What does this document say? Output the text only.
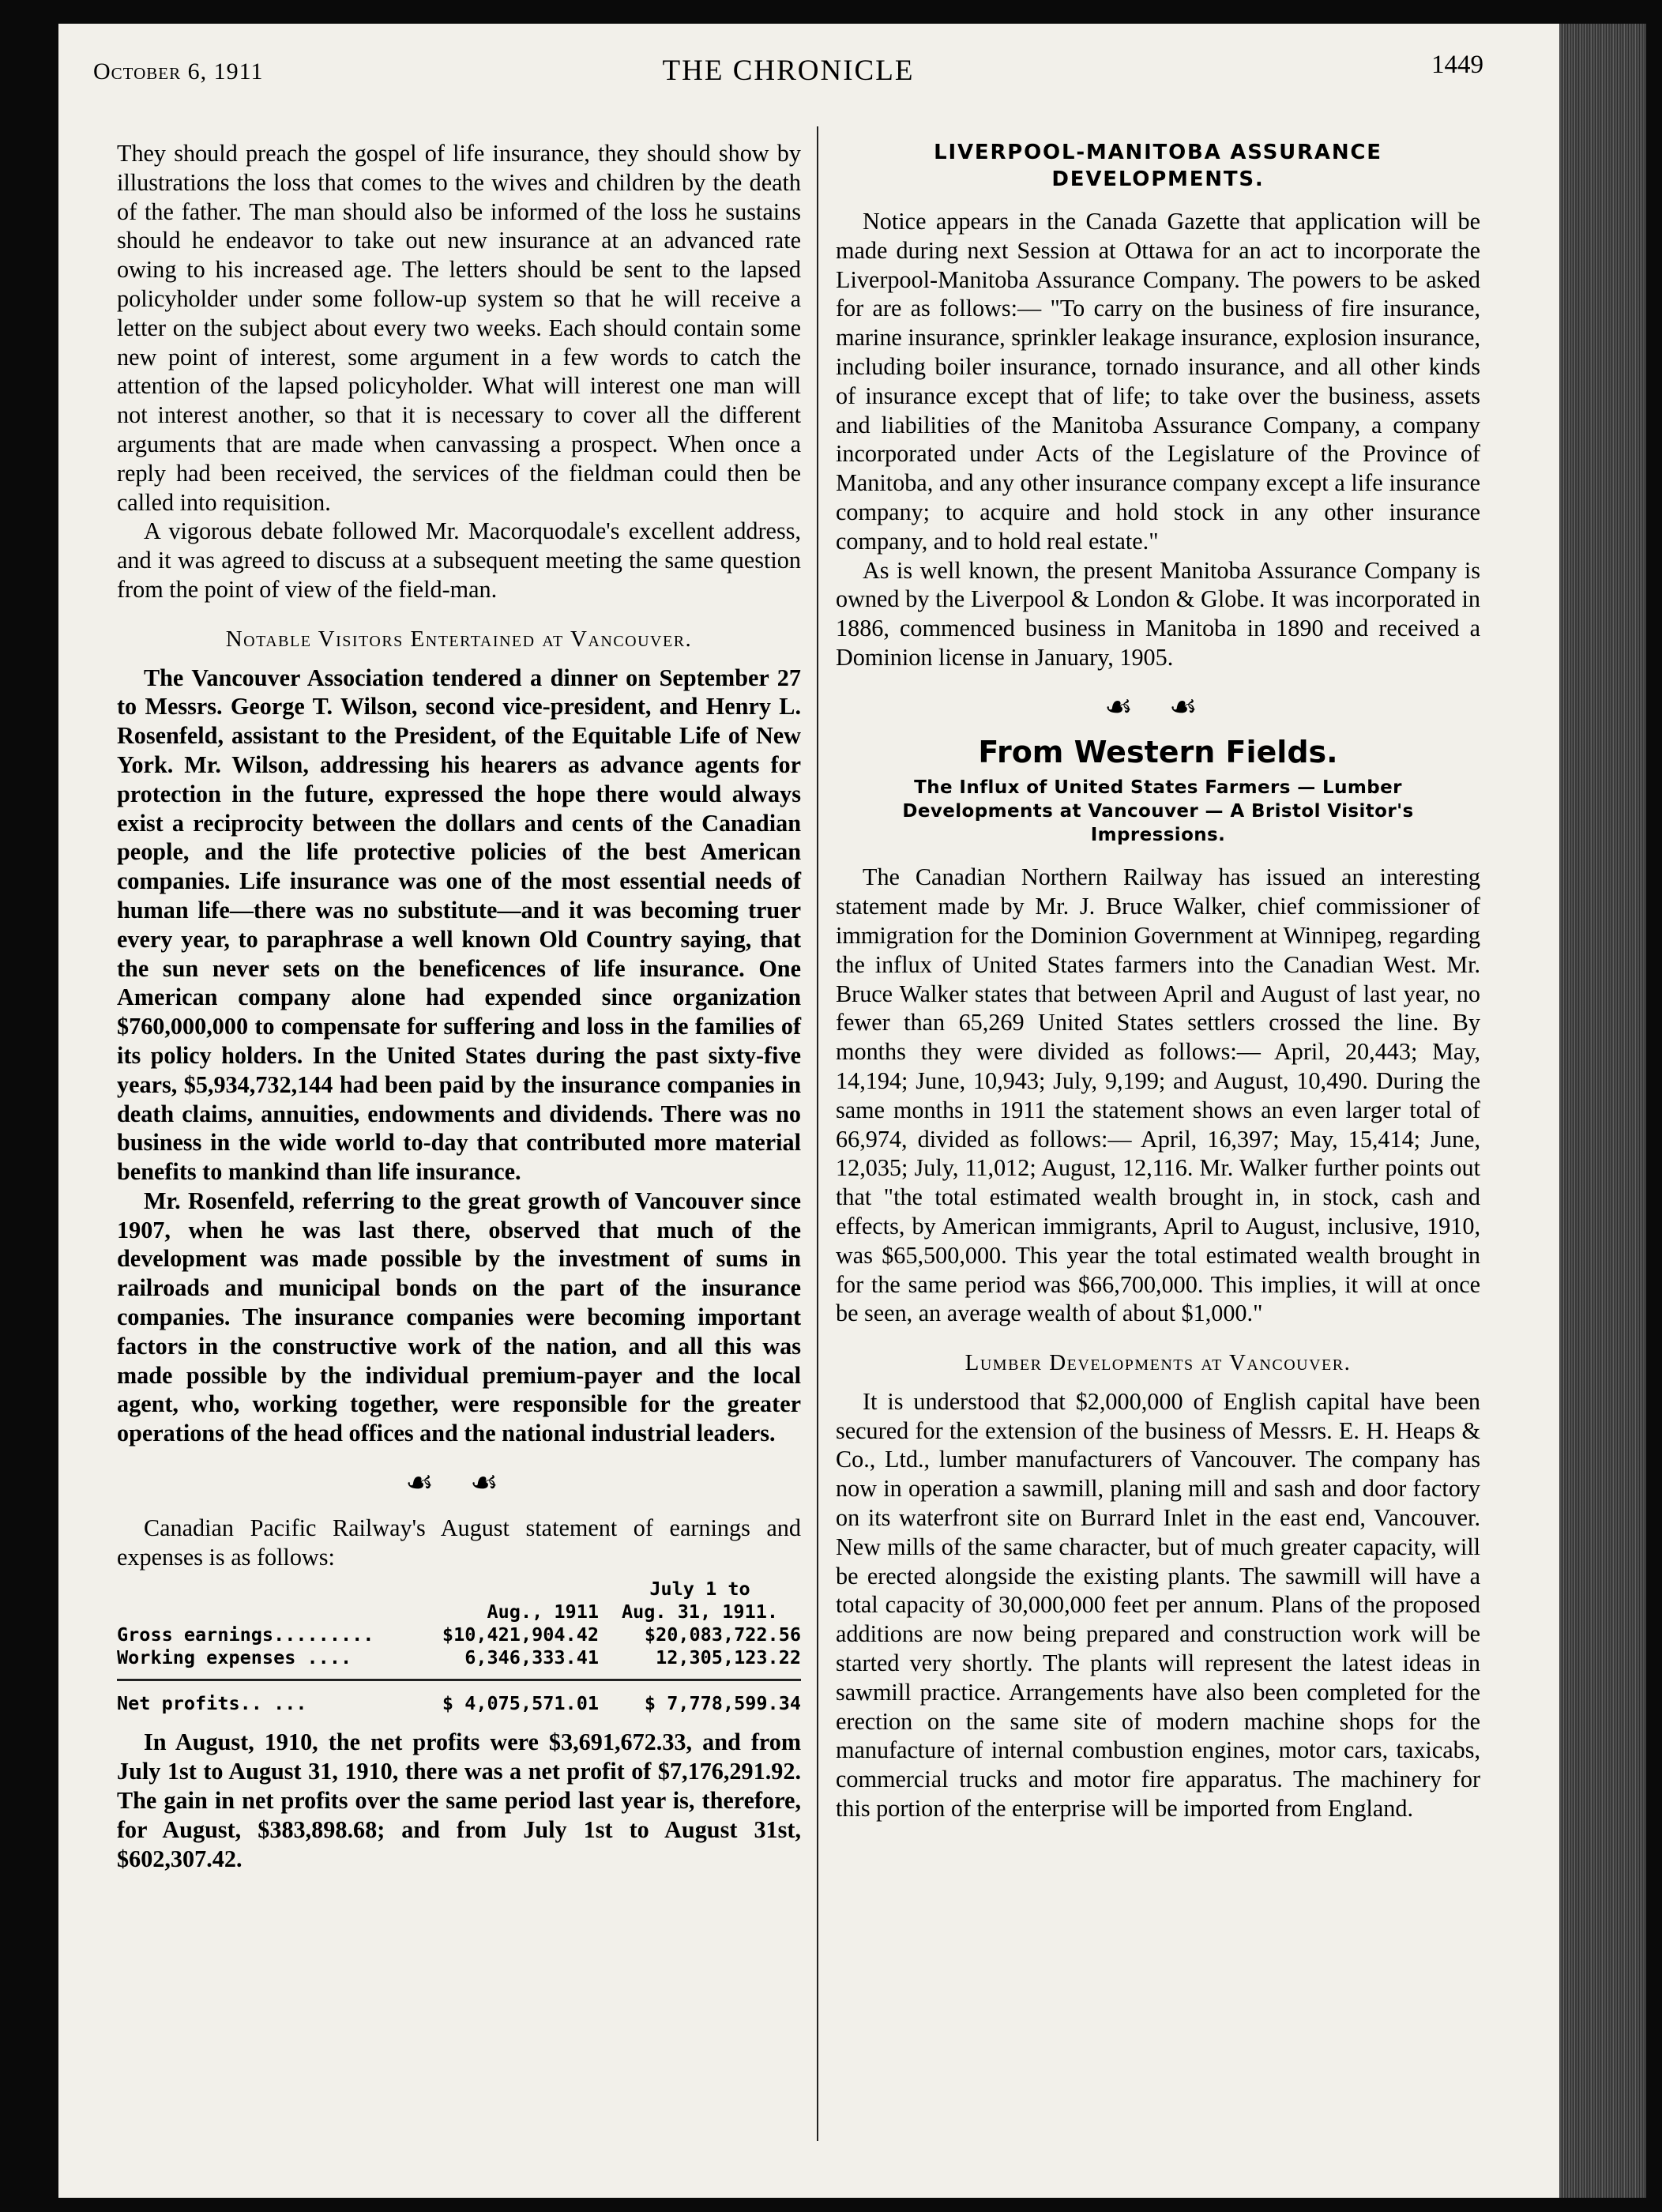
October 6, 1911	THE CHRONICLE	1449

They should preach the gospel of life insurance, they should show by illustrations the loss that comes to the wives and children by the death of the father. The man should also be informed of the loss he sustains should he endeavor to take out new insurance at an advanced rate owing to his increased age. The letters should be sent to the lapsed policyholder under some follow-up system so that he will receive a letter on the subject about every two weeks. Each should contain some new point of interest, some argument in a few words to catch the attention of the lapsed policyholder. What will interest one man will not interest another, so that it is necessary to cover all the different arguments that are made when canvassing a prospect. When once a reply had been received, the services of the fieldman could then be called into requisition.

A vigorous debate followed Mr. Macorquodale's excellent address, and it was agreed to discuss at a subsequent meeting the same question from the point of view of the field-man.

Notable Visitors Entertained at Vancouver.

The Vancouver Association tendered a dinner on September 27 to Messrs. George T. Wilson, second vice-president, and Henry L. Rosenfeld, assistant to the President, of the Equitable Life of New York. Mr. Wilson, addressing his hearers as advance agents for protection in the future, expressed the hope there would always exist a reciprocity between the dollars and cents of the Canadian people, and the life protective policies of the best American companies. Life insurance was one of the most essential needs of human life—there was no substitute—and it was becoming truer every year, to paraphrase a well known Old Country saying, that the sun never sets on the beneficences of life insurance. One American company alone had expended since organization $760,000,000 to compensate for suffering and loss in the families of its policy holders. In the United States during the past sixty-five years, $5,934,732,144 had been paid by the insurance companies in death claims, annuities, endowments and dividends. There was no business in the wide world to-day that contributed more material benefits to mankind than life insurance.

Mr. Rosenfeld, referring to the great growth of Vancouver since 1907, when he was last there, observed that much of the development was made possible by the investment of sums in railroads and municipal bonds on the part of the insurance companies. The insurance companies were becoming important factors in the constructive work of the nation, and all this was made possible by the individual premium-payer and the local agent, who, working together, were responsible for the greater operations of the head offices and the national industrial leaders.

☙ ☙

Canadian Pacific Railway's August statement of earnings and expenses is as follows:

July 1 to
Aug., 1911	Aug. 31, 1911.
Gross earnings.........	$10,421,904.42	$20,083,722.56
Working expenses ....	6,346,333.41	12,305,123.22
Net profits.. ...	$ 4,075,571.01	$ 7,778,599.34

In August, 1910, the net profits were $3,691,672.33, and from July 1st to August 31, 1910, there was a net profit of $7,176,291.92. The gain in net profits over the same period last year is, therefore, for August, $383,898.68; and from July 1st to August 31st, $602,307.42.

LIVERPOOL-MANITOBA ASSURANCE DEVELOPMENTS.

Notice appears in the Canada Gazette that application will be made during next Session at Ottawa for an act to incorporate the Liverpool-Manitoba Assurance Company. The powers to be asked for are as follows:— "To carry on the business of fire insurance, marine insurance, sprinkler leakage insurance, explosion insurance, including boiler insurance, tornado insurance, and all other kinds of insurance except that of life; to take over the business, assets and liabilities of the Manitoba Assurance Company, a company incorporated under Acts of the Legislature of the Province of Manitoba, and any other insurance company except a life insurance company; to acquire and hold stock in any other insurance company, and to hold real estate."

As is well known, the present Manitoba Assurance Company is owned by the Liverpool & London & Globe. It was incorporated in 1886, commenced business in Manitoba in 1890 and received a Dominion license in January, 1905.

☙ ☙
From Western Fields.
The Influx of United States Farmers — Lumber Developments at Vancouver — A Bristol Visitor's Impressions.

The Canadian Northern Railway has issued an interesting statement made by Mr. J. Bruce Walker, chief commissioner of immigration for the Dominion Government at Winnipeg, regarding the influx of United States farmers into the Canadian West. Mr. Bruce Walker states that between April and August of last year, no fewer than 65,269 United States settlers crossed the line. By months they were divided as follows:— April, 20,443; May, 14,194; June, 10,943; July, 9,199; and August, 10,490. During the same months in 1911 the statement shows an even larger total of 66,974, divided as follows:— April, 16,397; May, 15,414; June, 12,035; July, 11,012; August, 12,116. Mr. Walker further points out that "the total estimated wealth brought in, in stock, cash and effects, by American immigrants, April to August, inclusive, 1910, was $65,500,000. This year the total estimated wealth brought in for the same period was $66,700,000. This implies, it will at once be seen, an average wealth of about $1,000."

Lumber Developments at Vancouver.

It is understood that $2,000,000 of English capital have been secured for the extension of the business of Messrs. E. H. Heaps & Co., Ltd., lumber manufacturers of Vancouver. The company has now in operation a sawmill, planing mill and sash and door factory on its waterfront site on Burrard Inlet in the east end, Vancouver. New mills of the same character, but of much greater capacity, will be erected alongside the existing plants. The sawmill will have a total capacity of 30,000,000 feet per annum. Plans of the proposed additions are now being prepared and construction work will be started very shortly. The plants will represent the latest ideas in sawmill practice. Arrangements have also been completed for the erection on the same site of modern machine shops for the manufacture of internal combustion engines, motor cars, taxicabs, commercial trucks and motor fire apparatus. The machinery for this portion of the enterprise will be imported from England.
